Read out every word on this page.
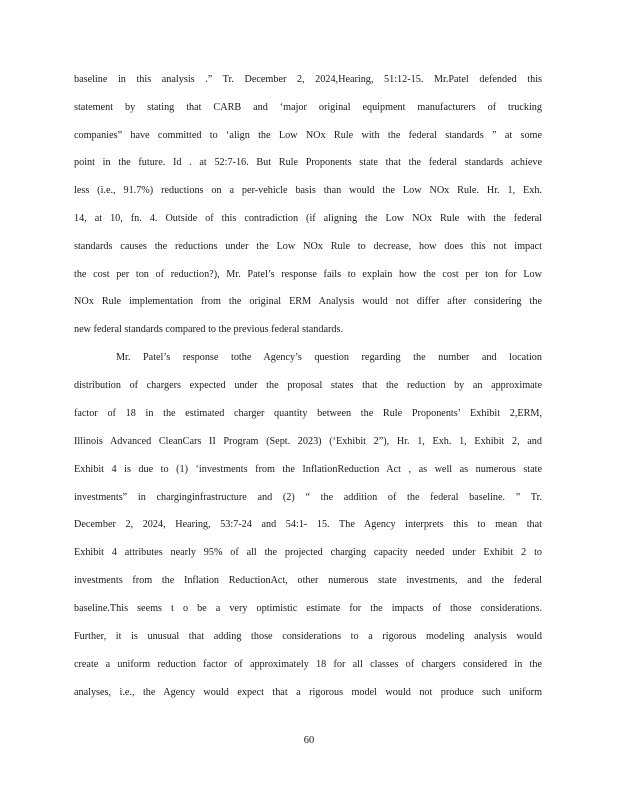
baseline in this analysis .” Tr. December 2, 2024,Hearing, 51:12-15. Mr.Patel defended this
statement by stating that CARB and ‘major original equipment manufacturers of trucking
companies” have committed to ‘align the Low NOx Rule with the federal standards ” at some
point in the future. Id . at 52:7-16. But Rule Proponents state that the federal standards achieve
less (i.e., 91.7%) reductions on a per-vehicle basis than would the Low NOx Rule. Hr. 1, Exh.
14, at 10, fn. 4. Outside of this contradiction (if aligning the Low NOx Rule with the federal
standards causes the reductions under the Low NOx Rule to decrease, how does this not impact
the cost per ton of reduction?), Mr. Patel’s response fails to explain how the cost per ton for Low
NOx Rule implementation from the original ERM Analysis would not differ after considering the
new federal standards compared to the previous federal standards.
Mr. Patel’s response tothe Agency’s question regarding the number and location
distribution of chargers expected under the proposal states that the reduction by an approximate
factor of 18 in the estimated charger quantity between the Rule Proponents’ Exhibit 2,ERM,
Illinois Advanced CleanCars II Program (Sept. 2023) (‘Exhibit 2”), Hr. 1, Exh. 1, Exhibit 2, and
Exhibit 4 is due to (1) ‘investments from the InflationReduction Act , as well as numerous state
investments” in charginginfrastructure and (2) “ the addition of the federal baseline. ” Tr.
December 2, 2024, Hearing, 53:7-24 and 54:1- 15. The Agency interprets this to mean that
Exhibit 4 attributes nearly 95% of all the projected charging capacity needed under Exhibit 2 to
investments from the Inflation ReductionAct, other numerous state investments, and the federal
baseline.This seems t o be a very optimistic estimate for the impacts of those considerations.
Further, it is unusual that adding those considerations to a rigorous modeling analysis would
create a uniform reduction factor of approximately 18 for all classes of chargers considered in the
analyses, i.e., the Agency would expect that a rigorous model would not produce such uniform
60
